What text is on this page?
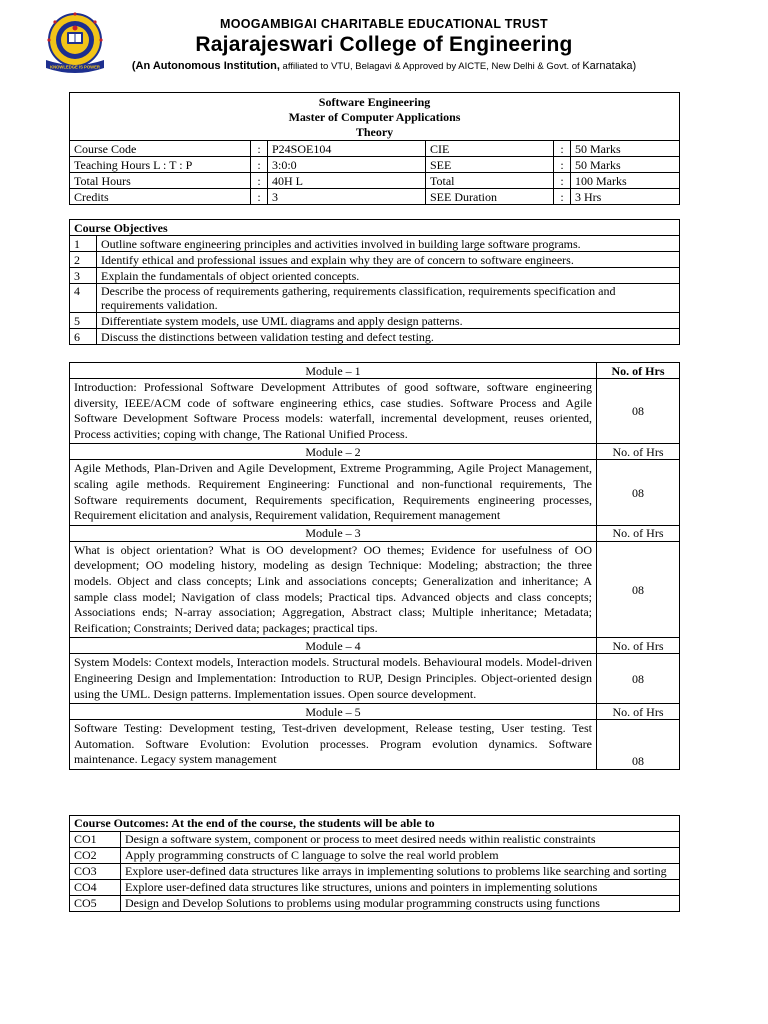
KNOWLEDGE IS POWER
MOOGAMBIGAI CHARITABLE EDUCATIONAL TRUST
Rajarajeswari College of Engineering
(An Autonomous Institution, affiliated to VTU, Belagavi & Approved by AICTE, New Delhi & Govt. of Karnataka)
Software Engineering
Master of Computer Applications
Theory					

Course Code	:	P24SOE104	CIE	:	50 Marks
Teaching Hours L : T : P	:	3:0:0	SEE	:	50 Marks
Total Hours	:	40H L	Total	:	100 Marks
Credits	:	3	SEE Duration	:	3 Hrs
Course Objectives	
1	Outline software engineering principles and activities involved in building large software programs.
2	Identify ethical and professional issues and explain why they are of concern to software engineers.
3	Explain the fundamentals of object oriented concepts.
4	Describe the process of requirements gathering, requirements classification, requirements specification and requirements validation.
5	Differentiate system models, use UML diagrams and apply design patterns.
6	Discuss the distinctions between validation testing and defect testing.
Module – 1	No. of Hrs
Introduction: Professional Software Development Attributes of good software, software engineering diversity, IEEE/ACM code of software engineering ethics, case studies. Software Process and Agile Software Development Software Process models: waterfall, incremental development, reuses oriented, Process activities; coping with change, The Rational Unified Process.	08
Module – 2	No. of Hrs
Agile Methods, Plan-Driven and Agile Development, Extreme Programming, Agile Project Management, scaling agile methods. Requirement Engineering: Functional and non-functional requirements, The Software requirements document, Requirements specification, Requirements engineering processes, Requirement elicitation and analysis, Requirement validation, Requirement management	08
Module – 3	No. of Hrs
What is object orientation? What is OO development? OO themes; Evidence for usefulness of OO development; OO modeling history, modeling as design Technique: Modeling; abstraction; the three models. Object and class concepts; Link and associations concepts; Generalization and inheritance; A sample class model; Navigation of class models; Practical tips. Advanced objects and class concepts; Associations ends; N-array association; Aggregation, Abstract class; Multiple inheritance; Metadata; Reification; Constraints; Derived data; packages; practical tips.	08
Module – 4	No. of Hrs
System Models: Context models, Interaction models. Structural models. Behavioural models. Model-driven Engineering Design and Implementation: Introduction to RUP, Design Principles. Object-oriented design using the UML. Design patterns. Implementation issues. Open source development.	08
Module – 5	No. of Hrs
Software Testing: Development testing, Test-driven development, Release testing, User testing. Test Automation. Software Evolution: Evolution processes. Program evolution dynamics. Software maintenance. Legacy system management	08
Course Outcomes: At the end of the course, the students will be able to	
CO1	Design a software system, component or process to meet desired needs within realistic constraints
CO2	Apply programming constructs of C language to solve the real world problem
CO3	Explore user-defined data structures like arrays in implementing solutions to problems like searching and sorting
CO4	Explore user-defined data structures like structures, unions and pointers in implementing solutions
CO5	Design and Develop Solutions to problems using modular programming constructs using functions
